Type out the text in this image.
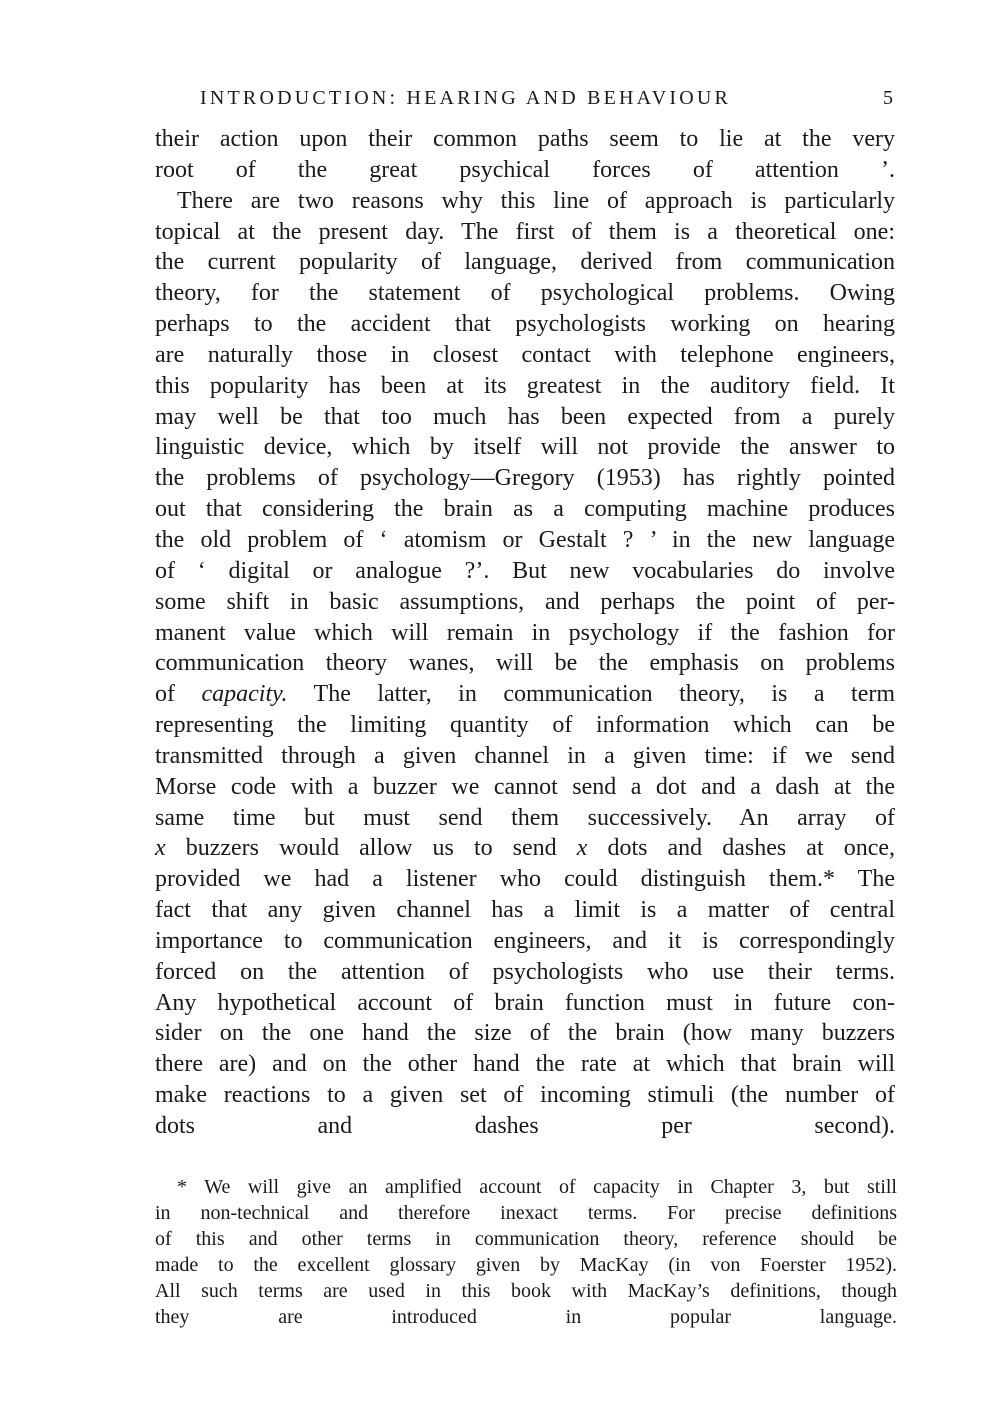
INTRODUCTION: HEARING AND BEHAVIOUR	5
their action upon their common paths seem to lie at the very
root of the great psychical forces of attention ’.
There are two reasons why this line of approach is particularly
topical at the present day. The first of them is a theoretical one:
the current popularity of language, derived from communication
theory, for the statement of psychological problems. Owing
perhaps to the accident that psychologists working on hearing
are naturally those in closest contact with telephone engineers,
this popularity has been at its greatest in the auditory field. It
may well be that too much has been expected from a purely
linguistic device, which by itself will not provide the answer to
the problems of psychology—Gregory (1953) has rightly pointed
out that considering the brain as a computing machine produces
the old problem of ‘ atomism or Gestalt ? ’ in the new language
of ‘ digital or analogue ?’. But new vocabularies do involve
some shift in basic assumptions, and perhaps the point of per-
manent value which will remain in psychology if the fashion for
communication theory wanes, will be the emphasis on problems
of capacity. The latter, in communication theory, is a term
representing the limiting quantity of information which can be
transmitted through a given channel in a given time: if we send
Morse code with a buzzer we cannot send a dot and a dash at the
same time but must send them successively. An array of
x buzzers would allow us to send x dots and dashes at once,
provided we had a listener who could distinguish them.* The
fact that any given channel has a limit is a matter of central
importance to communication engineers, and it is correspondingly
forced on the attention of psychologists who use their terms.
Any hypothetical account of brain function must in future con-
sider on the one hand the size of the brain (how many buzzers
there are) and on the other hand the rate at which that brain will
make reactions to a given set of incoming stimuli (the number of
dots and dashes per second).
* We will give an amplified account of capacity in Chapter 3, but still
in non-technical and therefore inexact terms. For precise definitions
of this and other terms in communication theory, reference should be
made to the excellent glossary given by MacKay (in von Foerster 1952).
All such terms are used in this book with MacKay’s definitions, though
they are introduced in popular language.
